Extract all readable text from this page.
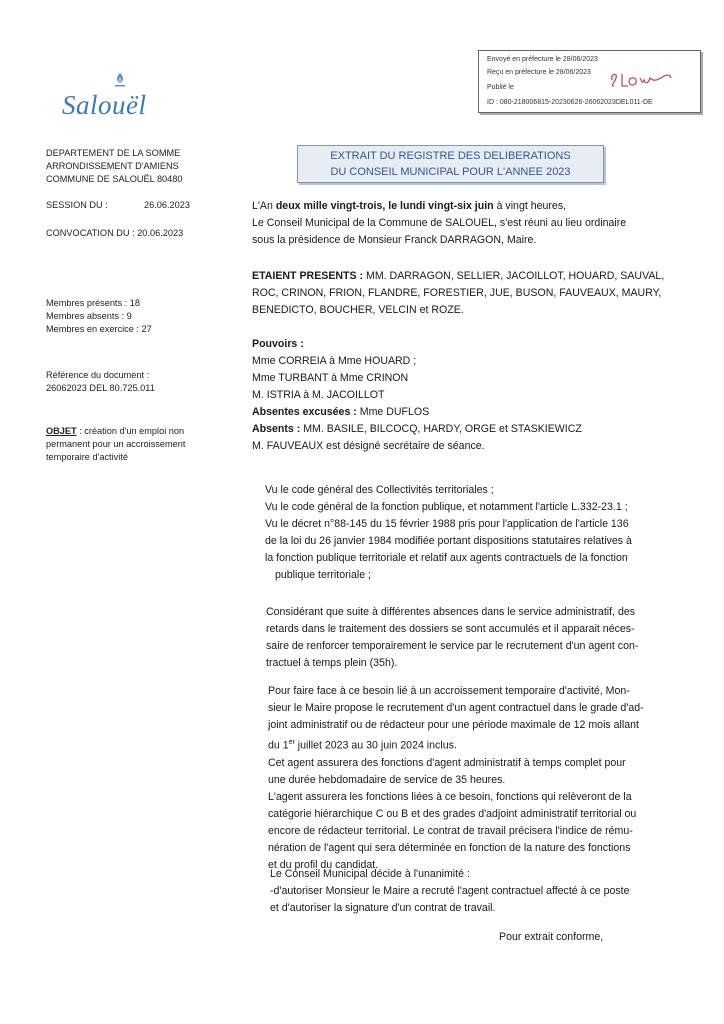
Salouël
Envoyé en préfecture le 28/06/2023
Reçu en préfecture le 28/06/2023
Publié le
ID : 080-218006815-20230626-26062023DEL011-DE
EXTRAIT DU REGISTRE DES DELIBERATIONS
DU CONSEIL MUNICIPAL POUR L'ANNEE 2023
DEPARTEMENT DE LA SOMME
ARRONDISSEMENT D'AMIENS
COMMUNE DE SALOUËL 80480
SESSION DU :	26.06.2023
CONVOCATION DU : 20.06.2023
Membres présents : 18
Membres absents : 9
Membres en exercice : 27
Référence du document :
26062023 DEL 80.725.011
OBJET : création d'un emploi non
permanent pour un accroissement
temporaire d'activité
L'An deux mille vingt-trois, le lundi vingt-six juin à vingt heures,
Le Conseil Municipal de la Commune de SALOUEL, s'est réuni au lieu ordinaire
sous la présidence de Monsieur Franck DARRAGON, Maire.
ETAIENT PRESENTS : MM. DARRAGON, SELLIER, JACOILLOT, HOUARD, SAUVAL,
ROC, CRINON, FRION, FLANDRE, FORESTIER, JUE, BUSON, FAUVEAUX, MAURY,
BENEDICTO, BOUCHER, VELCIN et ROZE.
Pouvoirs :
Mme CORREIA à Mme HOUARD ;
Mme TURBANT à Mme CRINON
M. ISTRIA à M. JACOILLOT
Absentes excusées : Mme DUFLOS
Absents : MM. BASILE, BILCOCQ, HARDY, ORGE et STASKIEWICZ
M. FAUVEAUX est désigné secrétaire de séance.
Vu le code général des Collectivités territoriales ;
Vu le code général de la fonction publique, et notamment l'article L.332-23.1 ;
Vu le décret n°88-145 du 15 février 1988 pris pour l'application de l'article 136
de la loi du 26 janvier 1984 modifiée portant dispositions statutaires relatives à
la fonction publique territoriale et relatif aux agents contractuels de la fonction
publique territoriale ;
Considérant que suite à différentes absences dans le service administratif, des
retards dans le traitement des dossiers se sont accumulés et il apparait néces-
saire de renforcer temporairement le service par le recrutement d'un agent con-
tractuel à temps plein (35h).
Pour faire face à ce besoin lié à un accroissement temporaire d'activité, Mon-
sieur le Maire propose le recrutement d'un agent contractuel dans le grade d'ad-
joint administratif ou de rédacteur pour une période maximale de 12 mois allant
du 1er juillet 2023 au 30 juin 2024 inclus.
Cet agent assurera des fonctions d'agent administratif à temps complet pour
une durée hebdomadaire de service de 35 heures.
L'agent assurera les fonctions liées à ce besoin, fonctions qui relèveront de la
catégorie hiérarchique C ou B et des grades d'adjoint administratif territorial ou
encore de rédacteur territorial. Le contrat de travail précisera l'indice de rému-
nération de l'agent qui sera déterminée en fonction de la nature des fonctions
et du profil du candidat.
Le Conseil Municipal décide à l'unanimité :
-d'autoriser Monsieur le Maire a recruté l'agent contractuel affecté à ce poste
et d'autoriser la signature d'un contrat de travail.
Pour extrait conforme,
